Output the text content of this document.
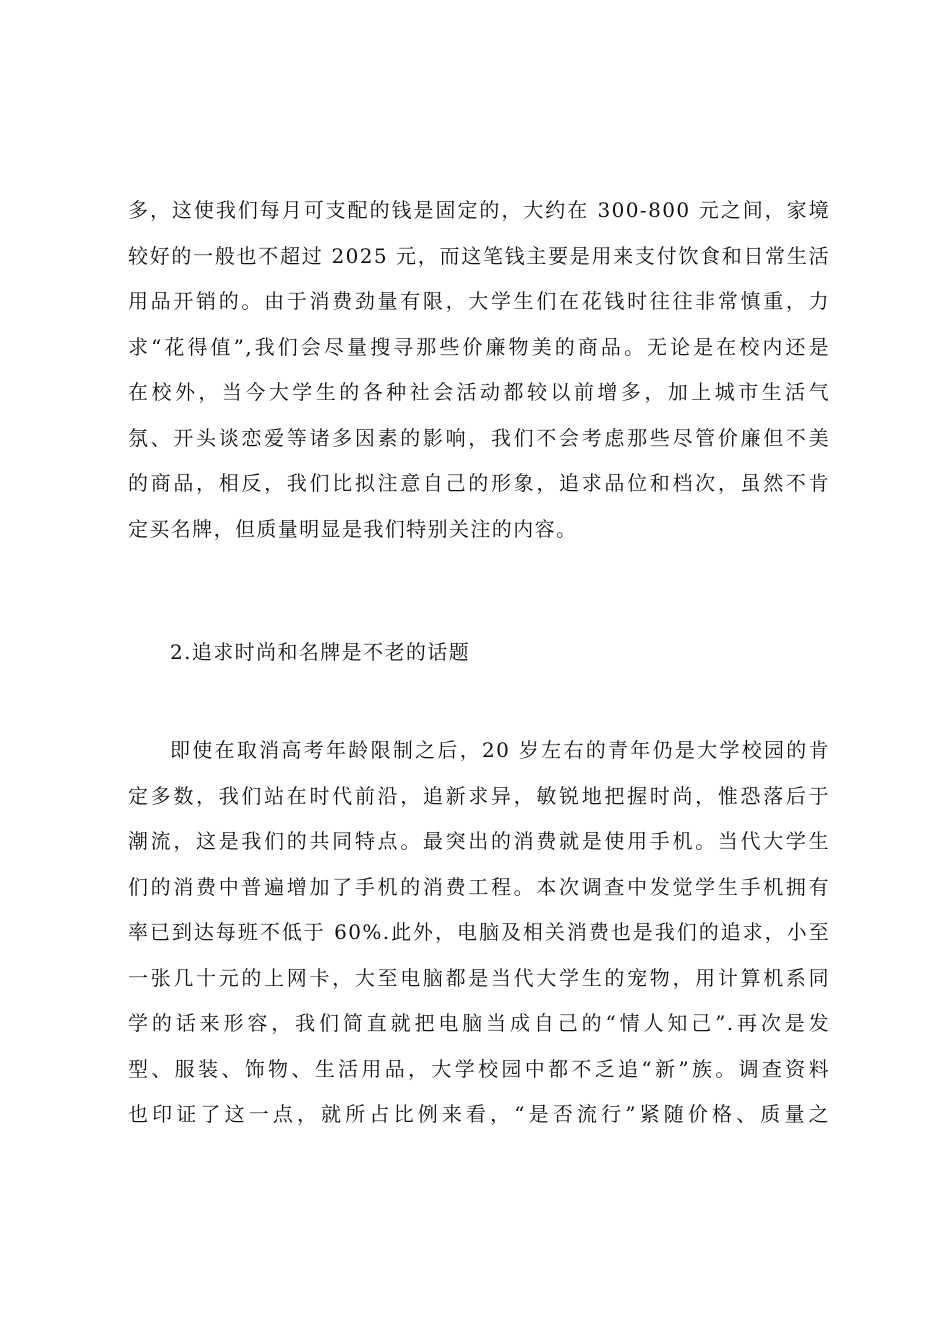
多，这使我们每月可支配的钱是固定的，大约在 300-800 元之间，家境
较好的一般也不超过 2025 元，而这笔钱主要是用来支付饮食和日常生活
用品开销的。由于消费劲量有限，大学生们在花钱时往往非常慎重，力
求“花得值”,我们会尽量搜寻那些价廉物美的商品。无论是在校内还是
在校外，当今大学生的各种社会活动都较以前增多，加上城市生活气
氛、开头谈恋爱等诸多因素的影响，我们不会考虑那些尽管价廉但不美
的商品，相反，我们比拟注意自己的形象，追求品位和档次，虽然不肯
定买名牌，但质量明显是我们特别关注的内容。
2.追求时尚和名牌是不老的话题
即使在取消高考年龄限制之后，20 岁左右的青年仍是大学校园的肯
定多数，我们站在时代前沿，追新求异，敏锐地把握时尚，惟恐落后于
潮流，这是我们的共同特点。最突出的消费就是使用手机。当代大学生
们的消费中普遍增加了手机的消费工程。本次调查中发觉学生手机拥有
率已到达每班不低于 60%.此外，电脑及相关消费也是我们的追求，小至
一张几十元的上网卡，大至电脑都是当代大学生的宠物，用计算机系同
学的话来形容，我们简直就把电脑当成自己的“情人知己”.再次是发
型、服装、饰物、生活用品，大学校园中都不乏追“新”族。调查资料
也印证了这一点，就所占比例来看，“是否流行”紧随价格、质量之
